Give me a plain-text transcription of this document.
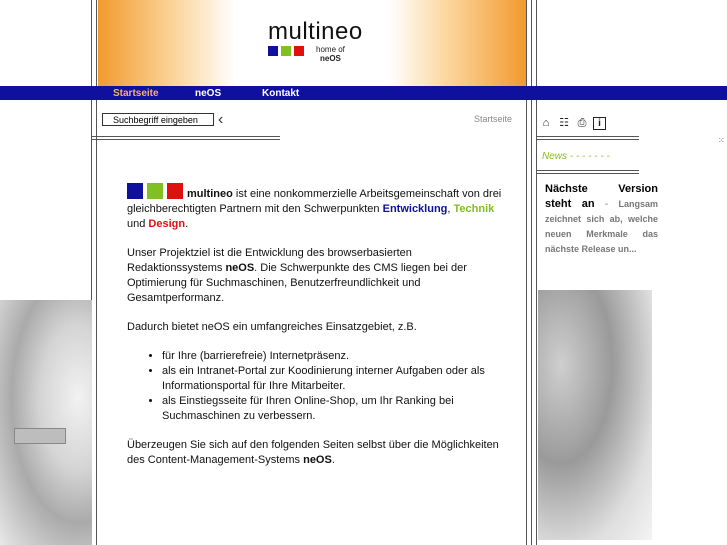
multineo
home of
neOS
Startseite	neOS	Kontakt
Suchbegriff eingeben	‹	Startseite

multineo ist eine nonkommerzielle Arbeitsgemeinschaft von drei gleichberechtigten Partnern mit den Schwerpunkten Entwicklung, Technik und Design.

Unser Projektziel ist die Entwicklung des browserbasierten Redaktionssystems neOS. Die Schwerpunkte des CMS liegen bei der Optimierung für Suchmaschinen, Benutzerfreundlichkeit und Gesamtperformanz.

Dadurch bietet neOS ein umfangreiches Einsatzgebiet, z.B.

• für Ihre (barrierefreie) Internetpräsenz.
• als ein Intranet-Portal zur Koodinierung interner Aufgaben oder als Informationsportal für Ihre Mitarbeiter.
• als Einstiegsseite für Ihren Online-Shop, um Ihr Ranking bei Suchmaschinen zu verbessern.

Überzeugen Sie sich auf den folgenden Seiten selbst über die Möglichkeiten des Content-Management-Systems neOS.

⌂ ☷ ⎙ i
News - - - - - - -
Nächste Version steht an - Langsam zeichnet sich ab, welche neuen Merkmale das nächste Release un...
⁙
